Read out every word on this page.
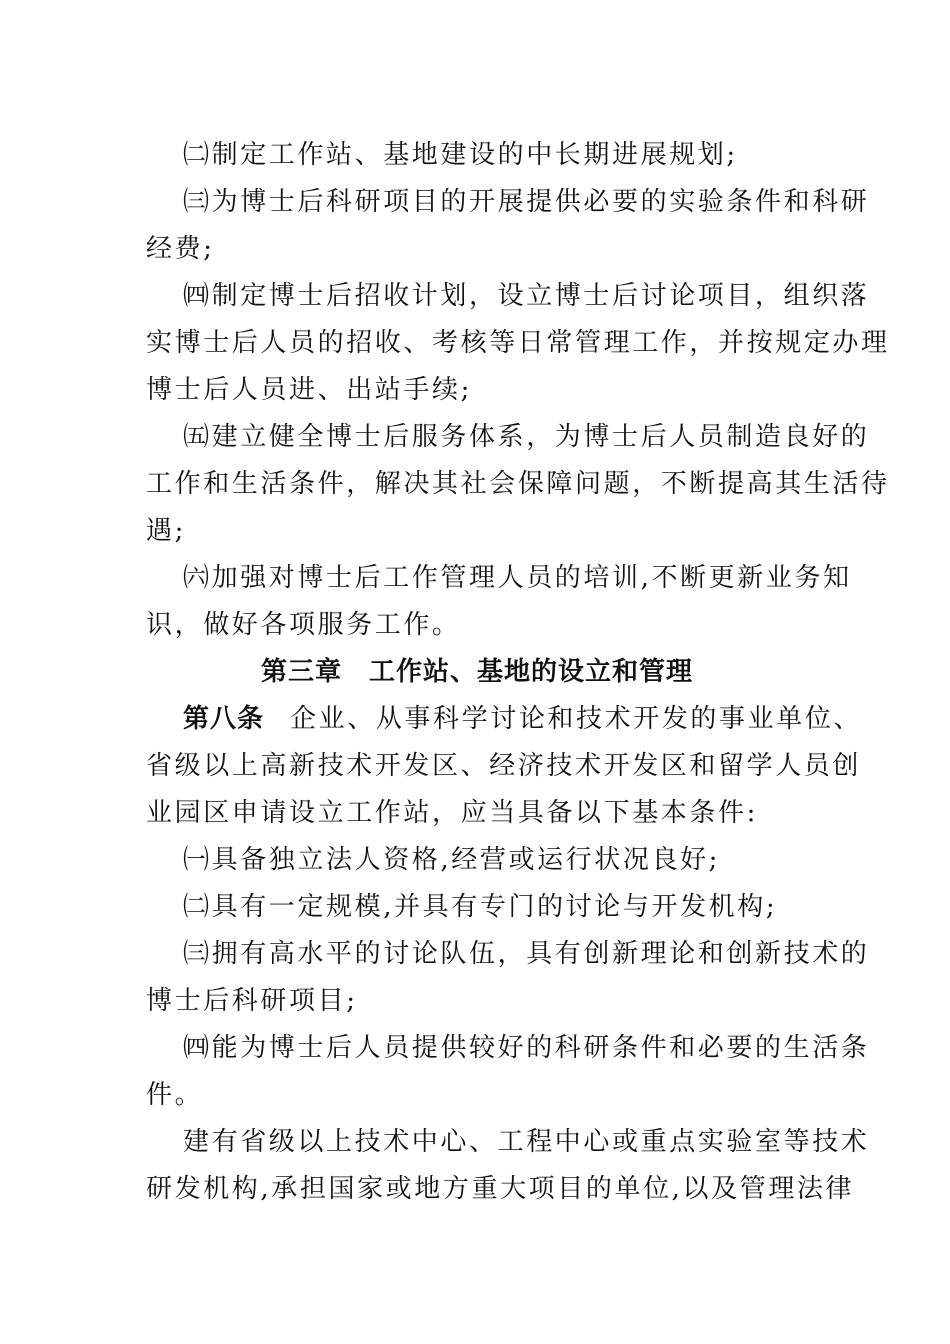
㈡制定工作站、基地建设的中长期进展规划;
㈢为博士后科研项目的开展提供必要的实验条件和科研
经费;
㈣制定博士后招收计划，设立博士后讨论项目，组织落
实博士后人员的招收、考核等日常管理工作，并按规定办理
博士后人员进、出站手续;
㈤建立健全博士后服务体系，为博士后人员制造良好的
工作和生活条件，解决其社会保障问题，不断提高其生活待
遇;
㈥加强对博士后工作管理人员的培训,不断更新业务知
识，做好各项服务工作。
第三章　工作站、基地的设立和管理
第八条 企业、从事科学讨论和技术开发的事业单位、
省级以上高新技术开发区、经济技术开发区和留学人员创
业园区申请设立工作站，应当具备以下基本条件:
㈠具备独立法人资格,经营或运行状况良好;
㈡具有一定规模,并具有专门的讨论与开发机构;
㈢拥有高水平的讨论队伍，具有创新理论和创新技术的
博士后科研项目;
㈣能为博士后人员提供较好的科研条件和必要的生活条
件。
建有省级以上技术中心、工程中心或重点实验室等技术
研发机构,承担国家或地方重大项目的单位,以及管理法律
